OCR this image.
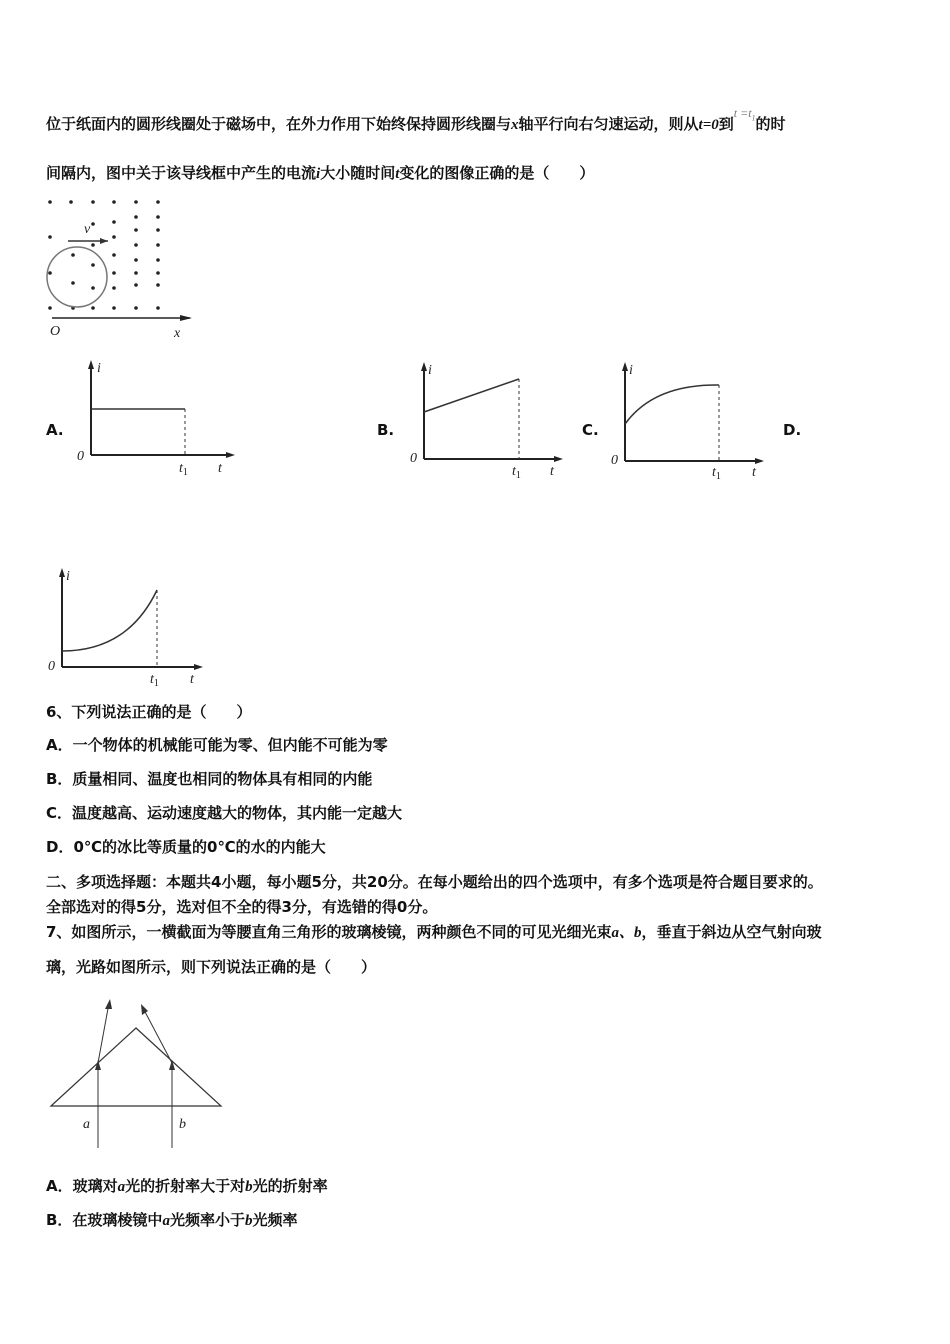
位于纸面内的圆形线圈处于磁场中，在外力作用下始终保持圆形线圈与x轴平行向右匀速运动，则从t=0到$^{t =t_1}$的时
间隔内，图中关于该导线框中产生的电流i大小随时间t变化的图像正确的是（　　）
v
O	x
i
0
$t_1$ t
i
0
$t_1$ t
i
0
$t_1$ t
i
0
$t_1$ t
A.	B.	C.	D.
6、下列说法正确的是（　　）
A．一个物体的机械能可能为零、但内能不可能为零
B．质量相同、温度也相同的物体具有相同的内能
C．温度越高、运动速度越大的物体，其内能一定越大
D．0℃的冰比等质量的0℃的水的内能大
二、多项选择题：本题共4小题，每小题5分，共20分。在每小题给出的四个选项中，有多个选项是符合题目要求的。
全部选对的得5分，选对但不全的得3分，有选错的得0分。
7、如图所示，一横截面为等腰直角三角形的玻璃棱镜，两种颜色不同的可见光细光束a、b，垂直于斜边从空气射向玻
璃，光路如图所示，则下列说法正确的是（　　）
a	b
A．玻璃对a光的折射率大于对b光的折射率
B．在玻璃棱镜中a光频率小于b光频率
